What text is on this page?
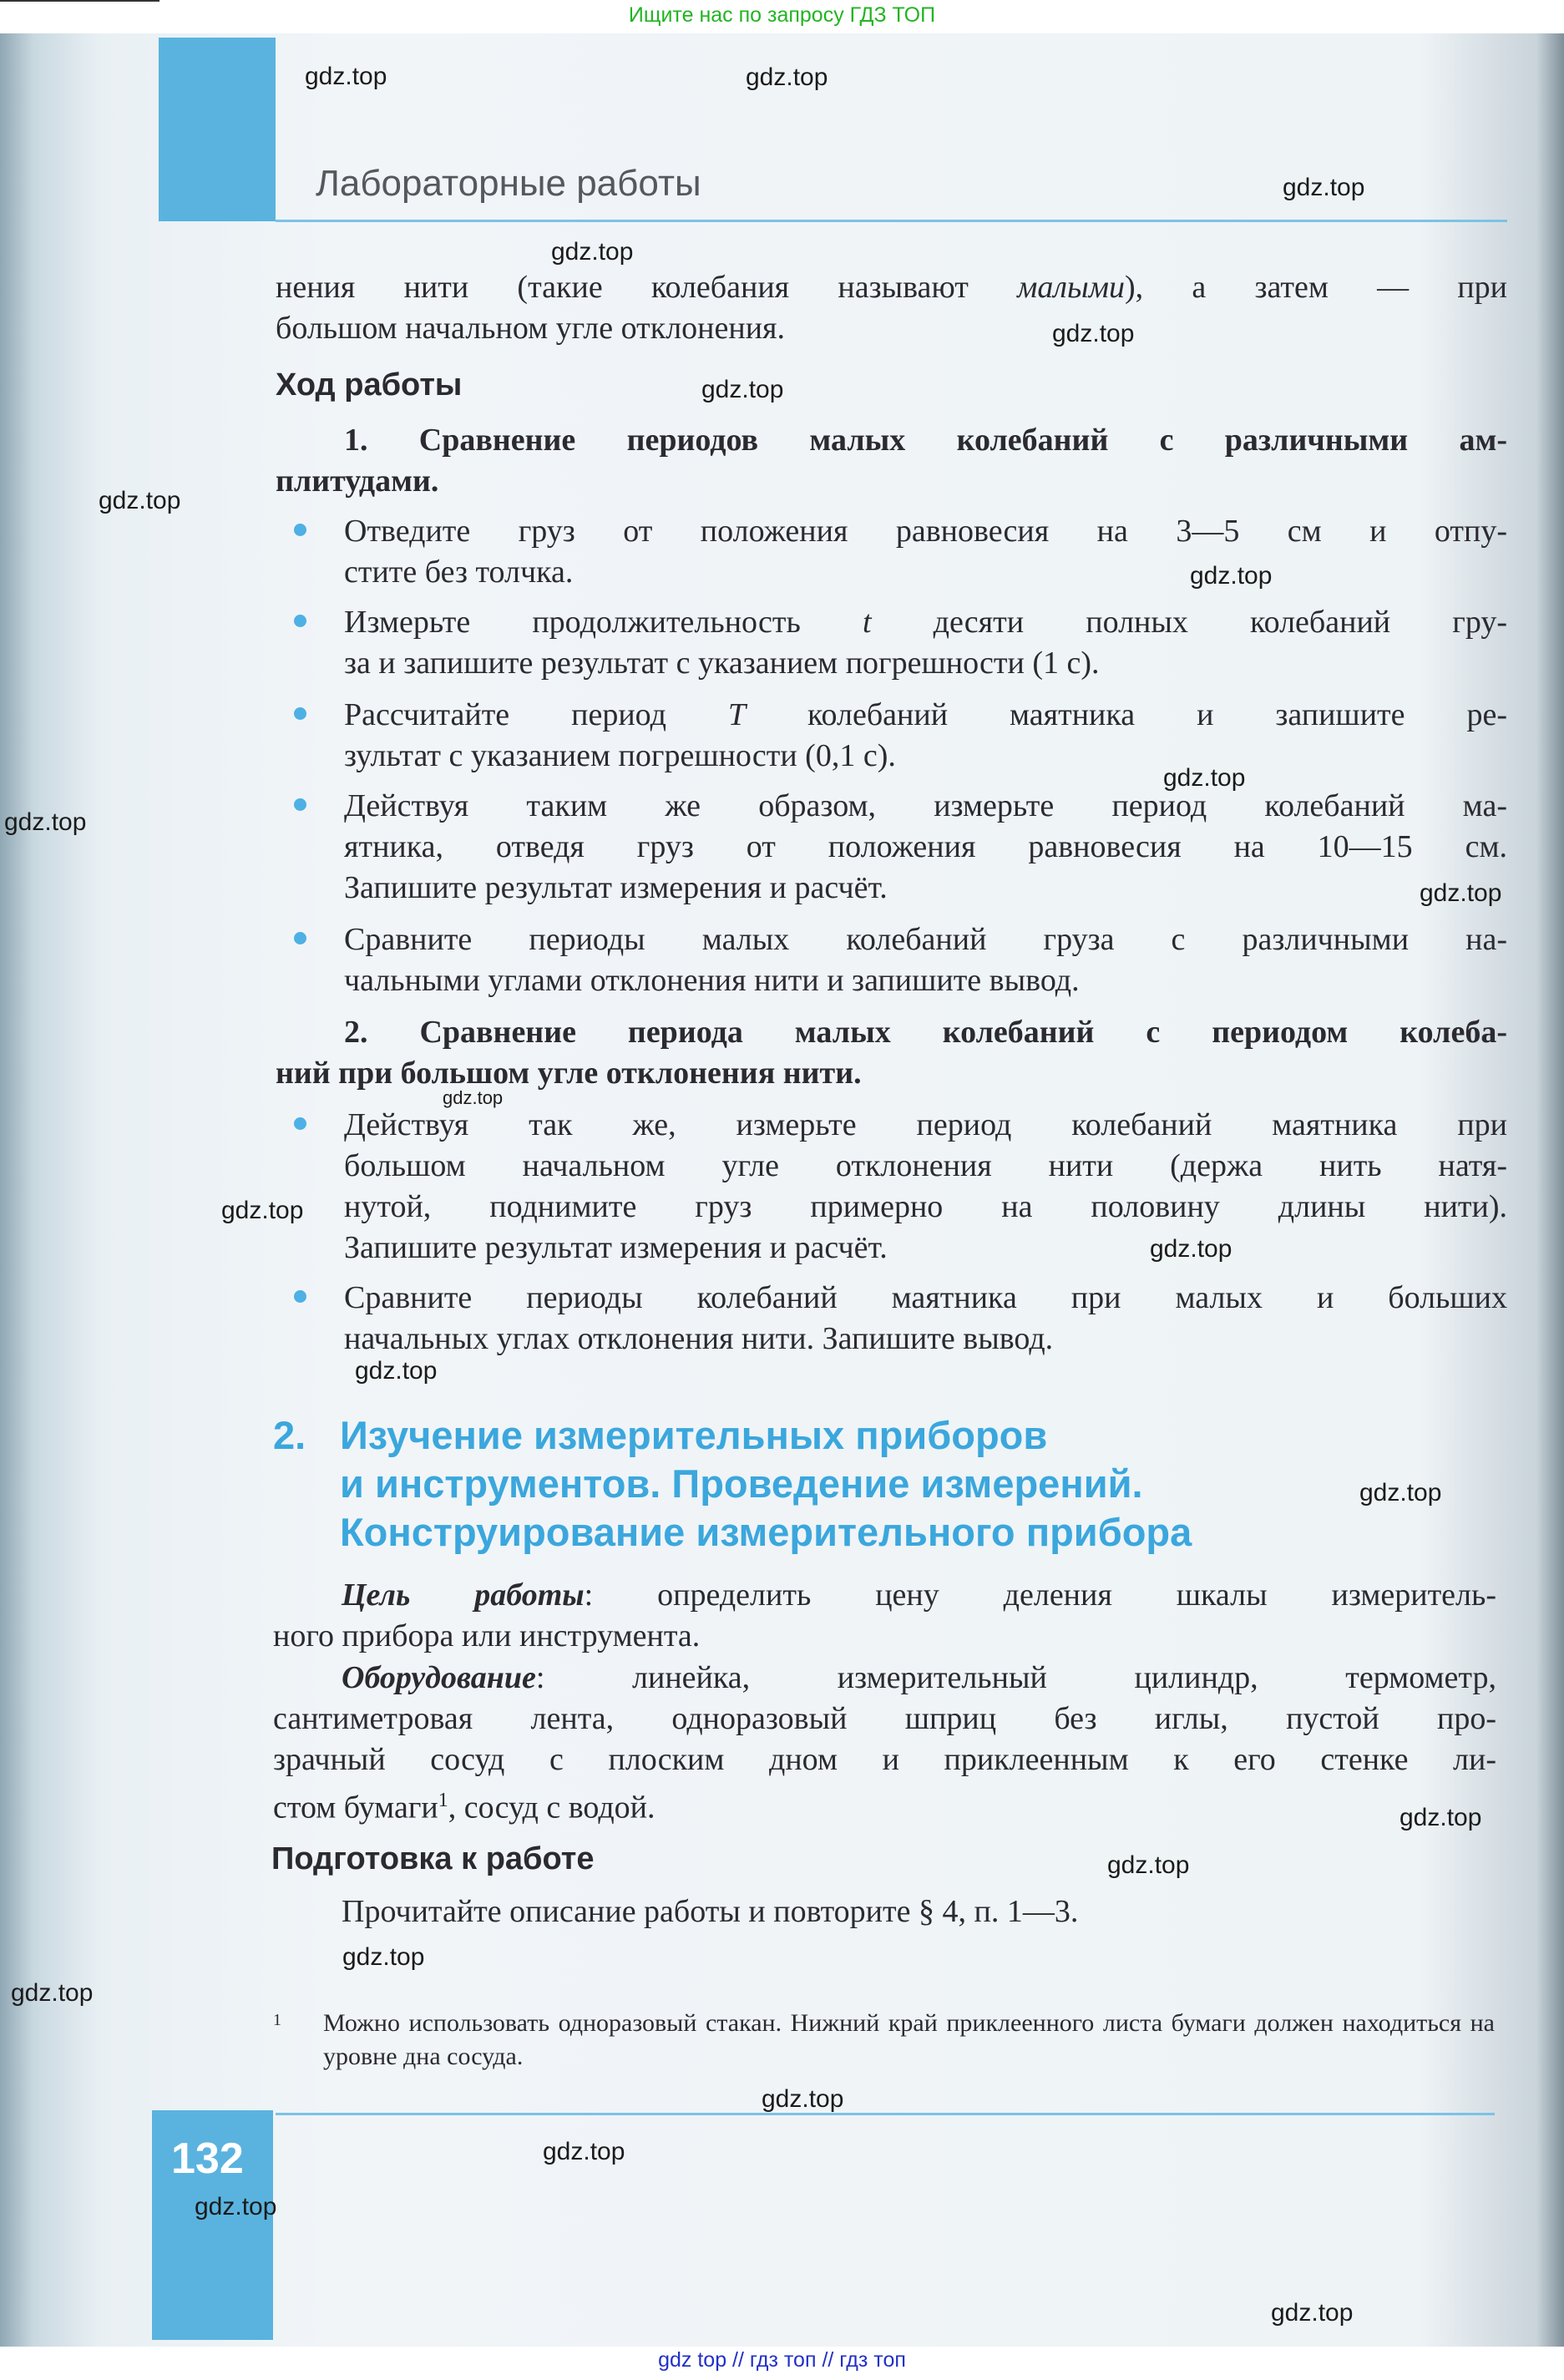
Ищите нас по запросу ГДЗ ТОП
Лабораторные работы
нения нити (такие колебания называют малыми), а затем — при
большом начальном угле отклонения.
Ход работы
1. Сравнение периодов малых колебаний с различными ам-
плитудами.
Отведите груз от положения равновесия на 3—5 см и отпу-
стите без толчка.
Измерьте продолжительность t десяти полных колебаний гру-
за и запишите результат с указанием погрешности (1 с).
Рассчитайте период T колебаний маятника и запишите ре-
зультат с указанием погрешности (0,1 с).
Действуя таким же образом, измерьте период колебаний ма-
ятника, отведя груз от положения равновесия на 10—15 см.
Запишите результат измерения и расчёт.
Сравните периоды малых колебаний груза с различными на-
чальными углами отклонения нити и запишите вывод.
2. Сравнение периода малых колебаний с периодом колеба-
ний при большом угле отклонения нити.
Действуя так же, измерьте период колебаний маятника при
большом начальном угле отклонения нити (держа нить натя-
нутой, поднимите груз примерно на половину длины нити).
Запишите результат измерения и расчёт.
Сравните периоды колебаний маятника при малых и больших
начальных углах отклонения нити. Запишите вывод.
2. Изучение измерительных приборов
и инструментов. Проведение измерений.
Конструирование измерительного прибора
Цель работы: определить цену деления шкалы измеритель-
ного прибора или инструмента.
Оборудование: линейка, измерительный цилиндр, термометр,
сантиметровая лента, одноразовый шприц без иглы, пустой про-
зрачный сосуд с плоским дном и приклеенным к его стенке ли-
стом бумаги$^1$, сосуд с водой.
Подготовка к работе
Прочитайте описание работы и повторите § 4, п. 1—3.
1	Можно использовать одноразовый стакан. Нижний край приклеенного листа бумаги должен находиться на уровне дна сосуда.
132
gdz.top	gdz.top
gdz.top
gdz.top
gdz.top
gdz.top
gdz.top
gdz.top
gdz.top
gdz.top
gdz.top
gdz.top
gdz.top
gdz.top
gdz.top
gdz.top
gdz.top
gdz.top
gdz.top
gdz.top
gdz.top
gdz.top
gdz.top
gdz.top
gdz top // гдз топ // гдз топ
